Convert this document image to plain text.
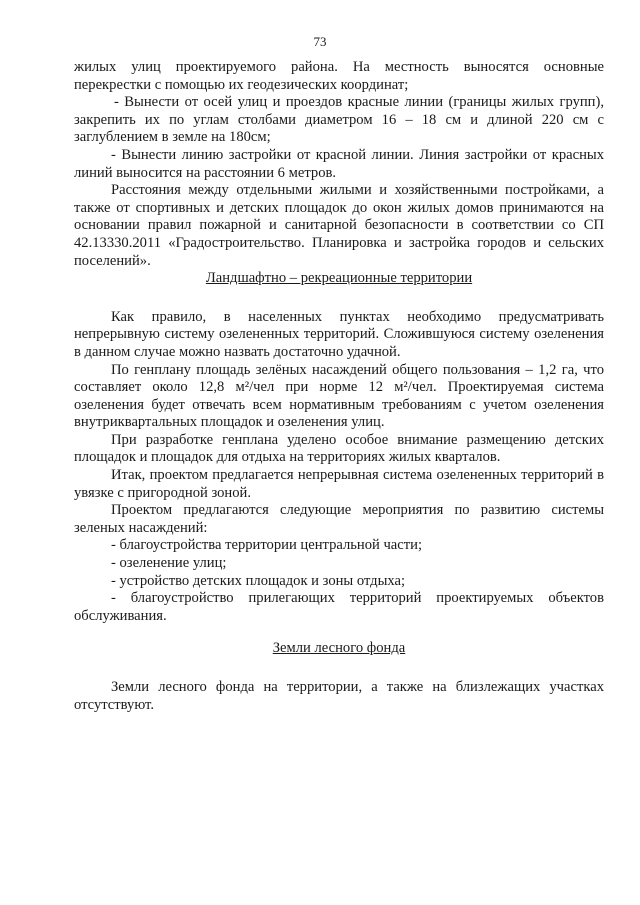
73

жилых улиц проектируемого района. На местность выносятся основные перекрестки с помощью их геодезических координат;

- Вынести от осей улиц и проездов красные линии (границы жилых групп), закрепить их по углам столбами диаметром 16 – 18 см и длиной 220 см с заглублением в земле на 180см;

- Вынести линию застройки от красной линии. Линия застройки от красных линий выносится на расстоянии 6 метров.

Расстояния между отдельными жилыми и хозяйственными постройками, а также от спортивных и детских площадок до окон жилых домов принимаются на основании правил пожарной и санитарной безопасности в соответствии со СП 42.13330.2011 «Градостроительство. Планировка и застройка городов и сельских поселений».

Ландшафтно – рекреационные территории

Как правило, в населенных пунктах необходимо предусматривать непрерывную систему озелененных территорий. Сложившуюся систему озеленения в данном случае можно назвать достаточно удачной.

По генплану площадь зелёных насаждений общего пользования – 1,2 га, что составляет около 12,8 м²/чел при норме 12 м²/чел. Проектируемая система озеленения будет отвечать всем нормативным требованиям с учетом озеленения внутриквартальных площадок и озеленения улиц.

При разработке генплана уделено особое внимание размещению детских площадок и площадок для отдыха на территориях жилых кварталов.

Итак, проектом предлагается непрерывная система озелененных территорий в увязке с пригородной зоной.

Проектом предлагаются следующие мероприятия по развитию системы зеленых насаждений:

- благоустройства территории центральной части;

- озеленение улиц;

- устройство детских площадок и зоны отдыха;

- благоустройство прилегающих территорий проектируемых объектов обслуживания.

Земли лесного фонда

Земли лесного фонда на территории, а также на близлежащих участках отсутствуют.
